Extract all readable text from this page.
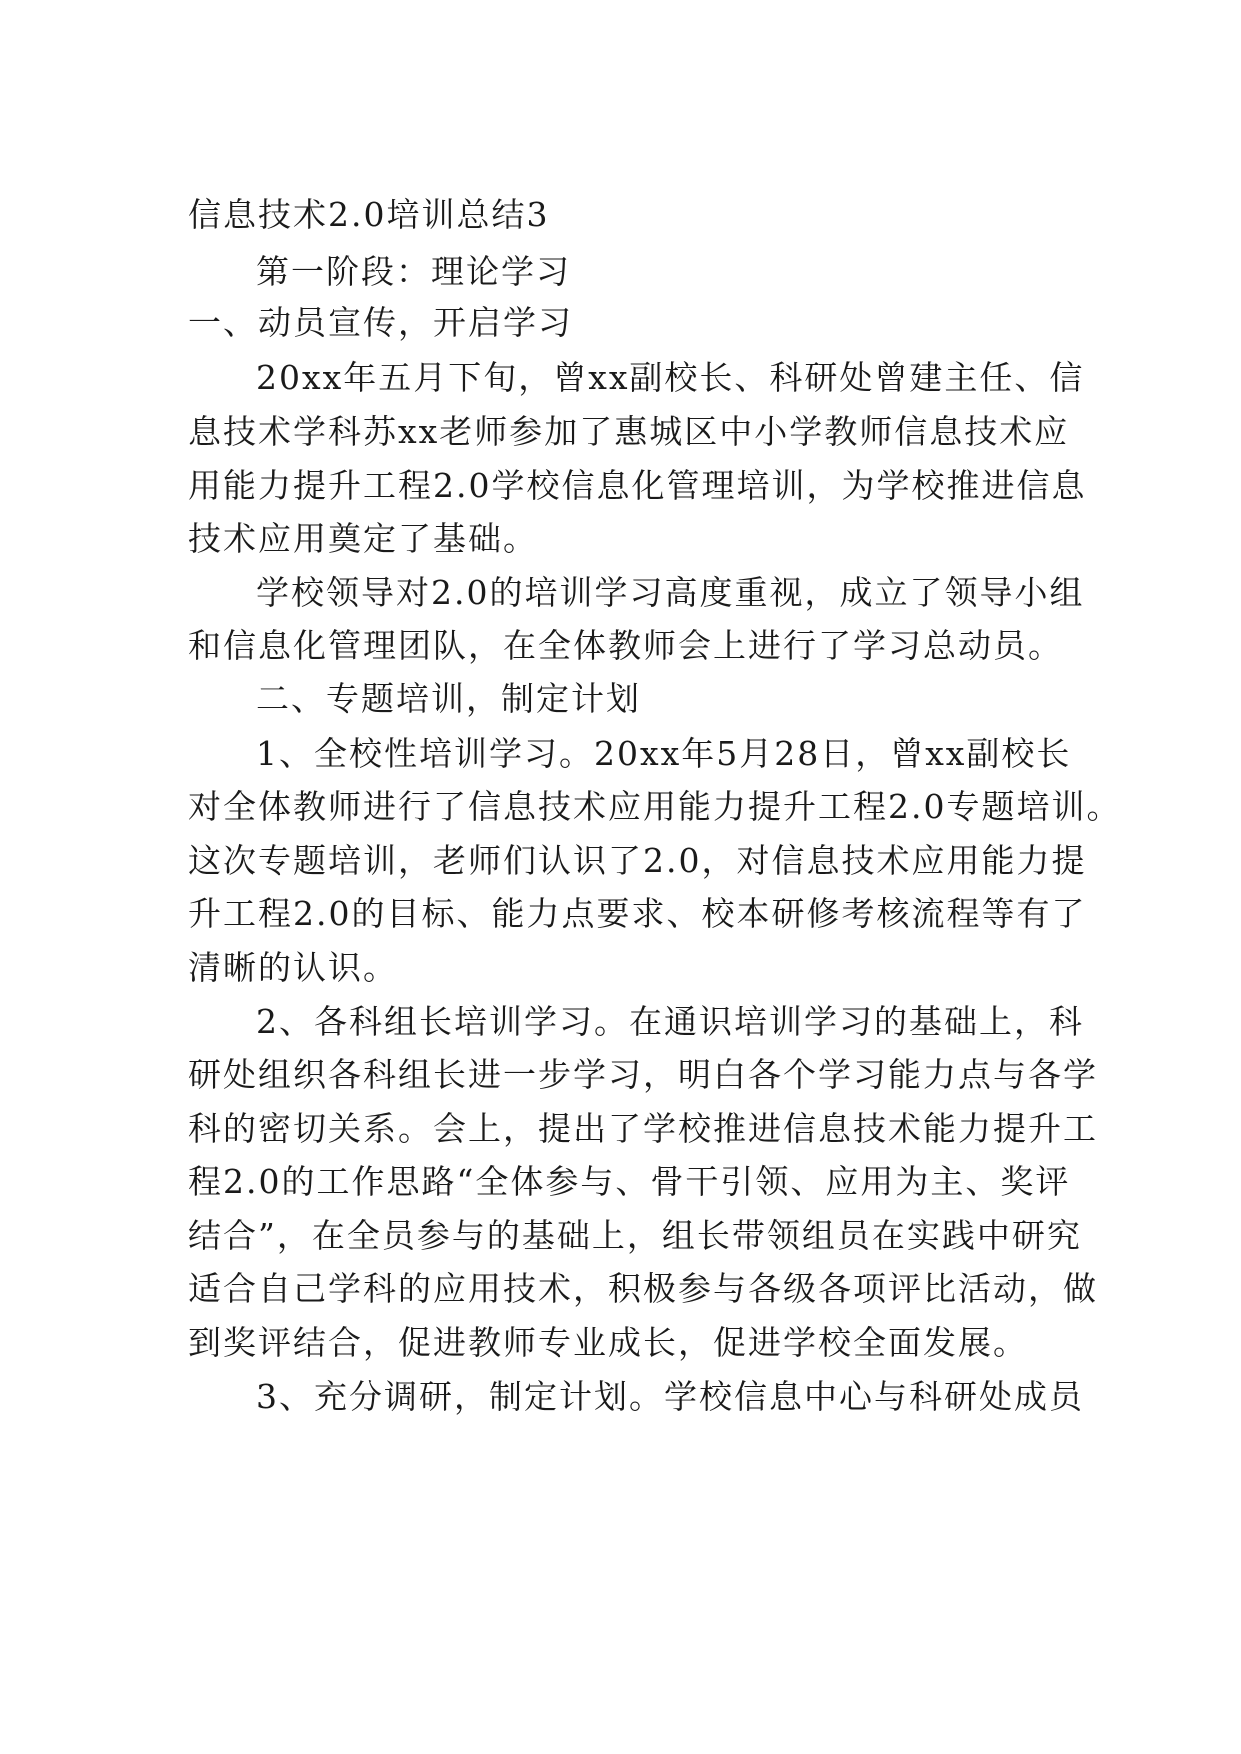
信息技术2.0培训总结3
第一阶段：理论学习
一、动员宣传，开启学习
20xx年五月下旬，曾xx副校长、科研处曾建主任、信
息技术学科苏xx老师参加了惠城区中小学教师信息技术应
用能力提升工程2.0学校信息化管理培训，为学校推进信息
技术应用奠定了基础。
学校领导对2.0的培训学习高度重视，成立了领导小组
和信息化管理团队，在全体教师会上进行了学习总动员。
二、专题培训，制定计划
1、全校性培训学习。20xx年5月28日，曾xx副校长
对全体教师进行了信息技术应用能力提升工程2.0专题培训。
这次专题培训，老师们认识了2.0，对信息技术应用能力提
升工程2.0的目标、能力点要求、校本研修考核流程等有了
清晰的认识。
2、各科组长培训学习。在通识培训学习的基础上，科
研处组织各科组长进一步学习，明白各个学习能力点与各学
科的密切关系。会上，提出了学校推进信息技术能力提升工
程2.0的工作思路“全体参与、骨干引领、应用为主、奖评
结合”，在全员参与的基础上，组长带领组员在实践中研究
适合自己学科的应用技术，积极参与各级各项评比活动，做
到奖评结合，促进教师专业成长，促进学校全面发展。
3、充分调研，制定计划。学校信息中心与科研处成员
